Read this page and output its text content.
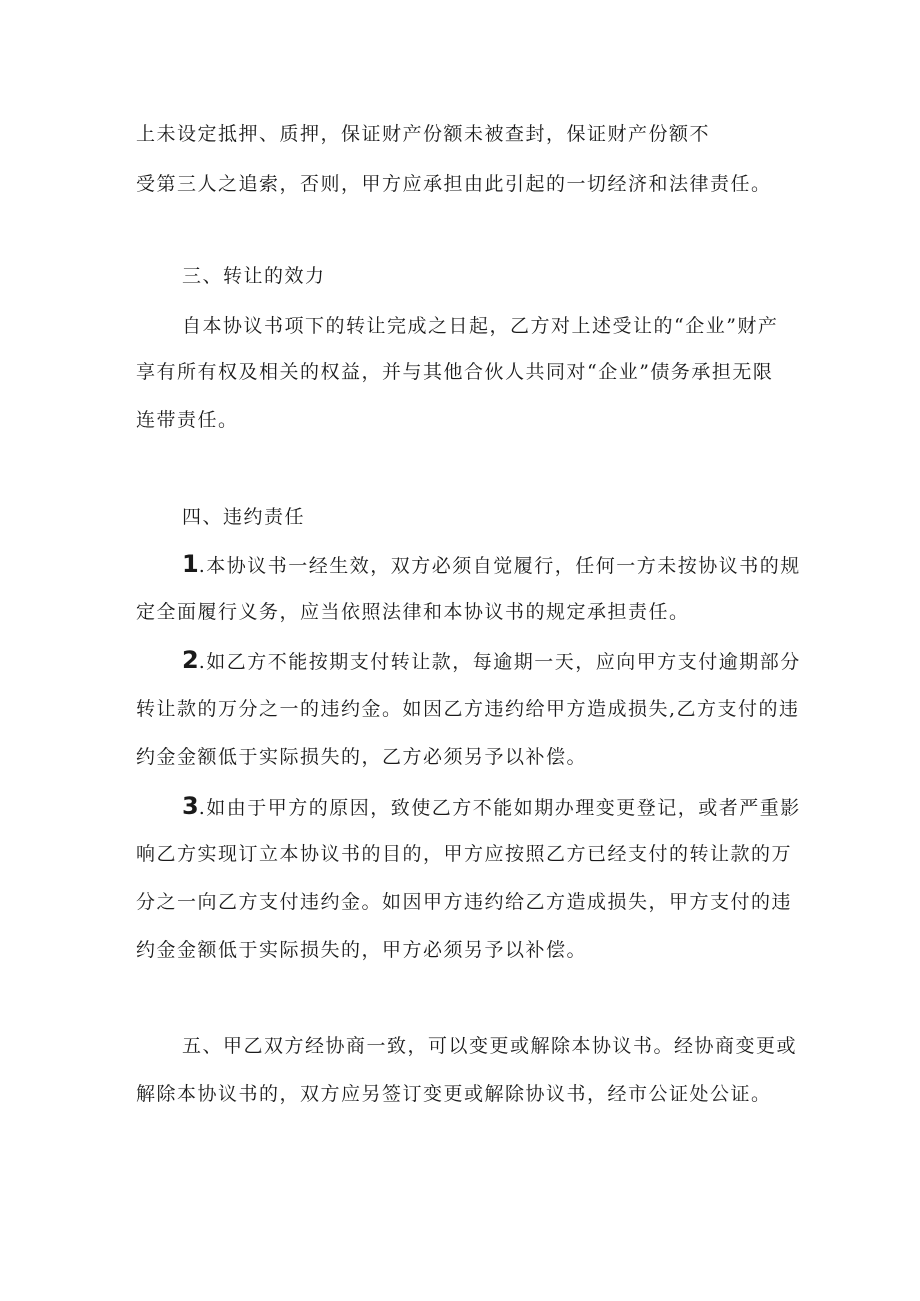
上未设定抵押、质押，保证财产份额未被查封，保证财产份额不
受第三人之追索，否则，甲方应承担由此引起的一切经济和法律责任。
三、转让的效力
自本协议书项下的转让完成之日起，乙方对上述受让的“企业”财产
享有所有权及相关的权益，并与其他合伙人共同对“企业”债务承担无限
连带责任。
四、违约责任
1.本协议书一经生效，双方必须自觉履行，任何一方未按协议书的规
定全面履行义务，应当依照法律和本协议书的规定承担责任。
2.如乙方不能按期支付转让款，每逾期一天，应向甲方支付逾期部分
转让款的万分之一的违约金。如因乙方违约给甲方造成损失,乙方支付的违
约金金额低于实际损失的，乙方必须另予以补偿。
3.如由于甲方的原因，致使乙方不能如期办理变更登记，或者严重影
响乙方实现订立本协议书的目的，甲方应按照乙方已经支付的转让款的万
分之一向乙方支付违约金。如因甲方违约给乙方造成损失，甲方支付的违
约金金额低于实际损失的，甲方必须另予以补偿。
五、甲乙双方经协商一致，可以变更或解除本协议书。经协商变更或
解除本协议书的，双方应另签订变更或解除协议书，经市公证处公证。
